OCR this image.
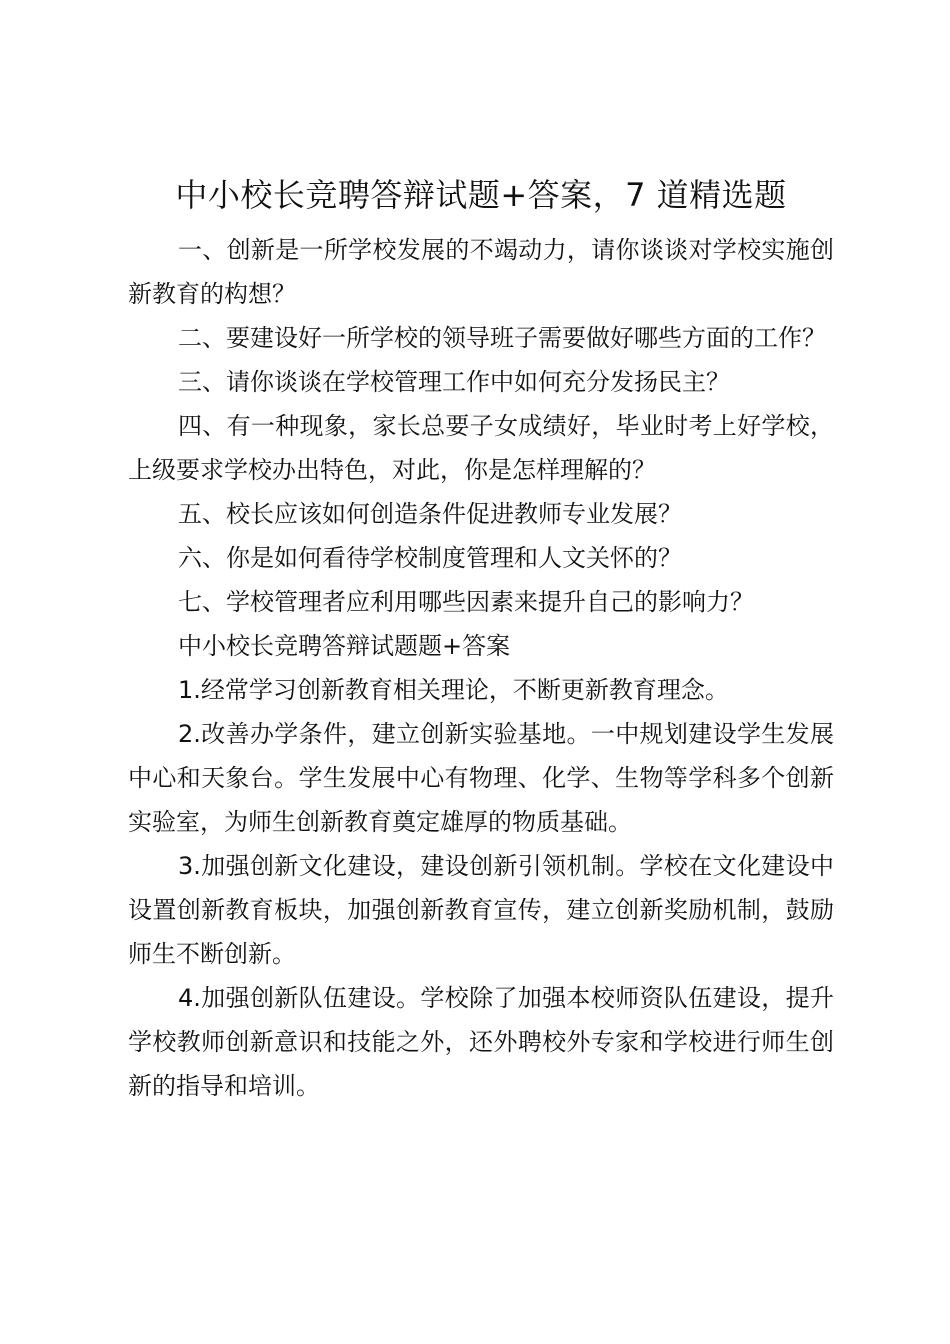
中小校长竞聘答辩试题+答案，7 道精选题

一、创新是一所学校发展的不竭动力，请你谈谈对学校实施创新教育的构想？

二、要建设好一所学校的领导班子需要做好哪些方面的工作？

三、请你谈谈在学校管理工作中如何充分发扬民主？

四、有一种现象，家长总要子女成绩好，毕业时考上好学校，上级要求学校办出特色，对此，你是怎样理解的？

五、校长应该如何创造条件促进教师专业发展？

六、你是如何看待学校制度管理和人文关怀的？

七、学校管理者应利用哪些因素来提升自己的影响力？

中小校长竞聘答辩试题题+答案

1.经常学习创新教育相关理论，不断更新教育理念。

2.改善办学条件，建立创新实验基地。一中规划建设学生发展中心和天象台。学生发展中心有物理、化学、生物等学科多个创新实验室，为师生创新教育奠定雄厚的物质基础。

3.加强创新文化建设，建设创新引领机制。学校在文化建设中设置创新教育板块，加强创新教育宣传，建立创新奖励机制，鼓励师生不断创新。

4.加强创新队伍建设。学校除了加强本校师资队伍建设，提升学校教师创新意识和技能之外，还外聘校外专家和学校进行师生创新的指导和培训。
